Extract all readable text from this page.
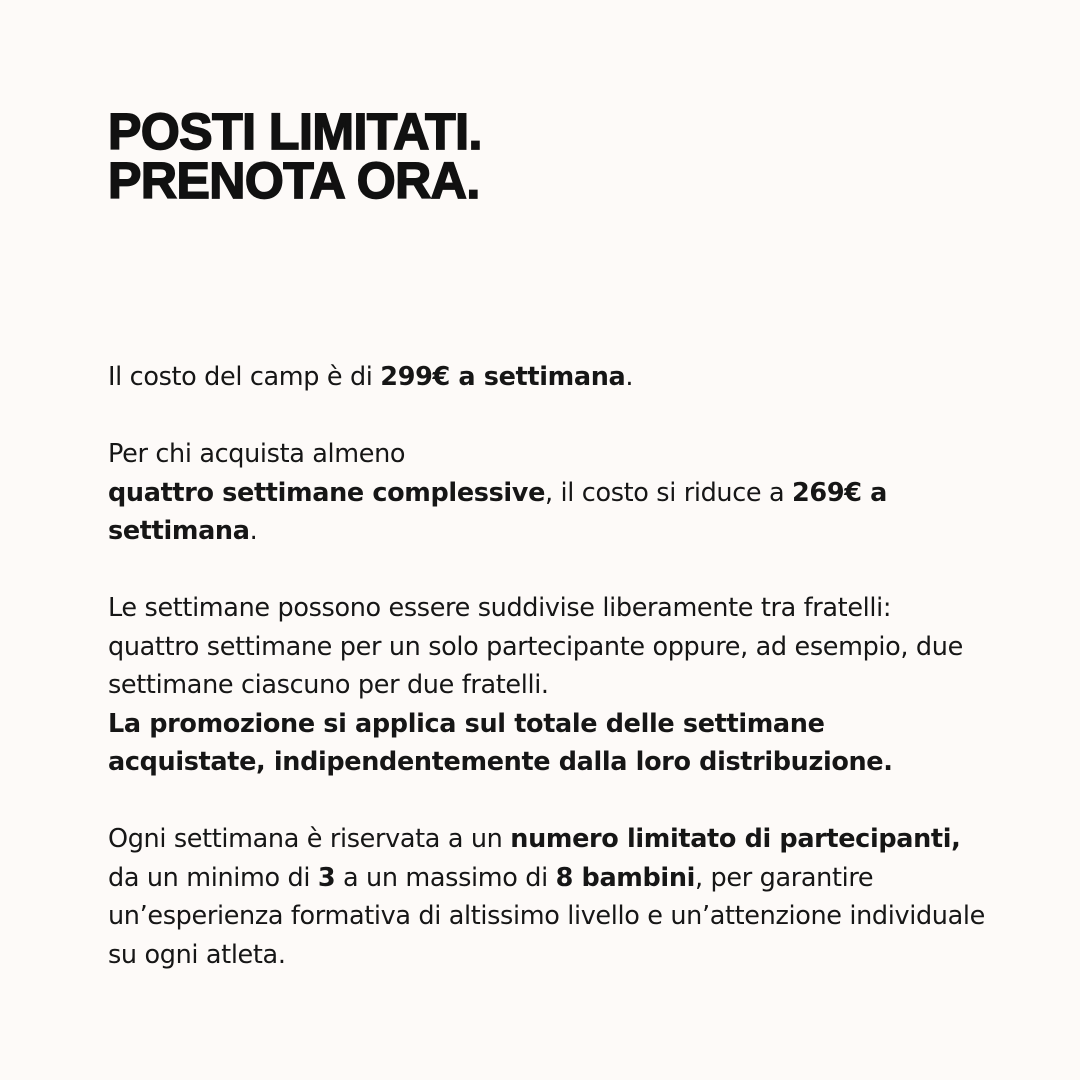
POSTI LIMITATI.
PRENOTA ORA.

Il costo del camp è di 299€ a settimana.

Per chi acquista almeno
quattro settimane complessive, il costo si riduce a 269€ a settimana.

Le settimane possono essere suddivise liberamente tra fratelli: quattro settimane per un solo partecipante oppure, ad esempio, due settimane ciascuno per due fratelli.
La promozione si applica sul totale delle settimane acquistate, indipendentemente dalla loro distribuzione.

Ogni settimana è riservata a un numero limitato di partecipanti, da un minimo di 3 a un massimo di 8 bambini, per garantire un’esperienza formativa di altissimo livello e un’attenzione individuale su ogni atleta.
